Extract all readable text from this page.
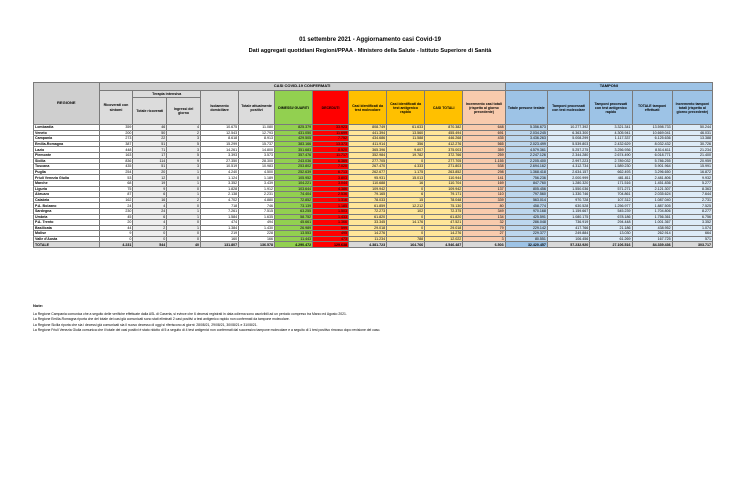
01 settembre 2021 - Aggiornamento casi Covid-19
Dati aggregati quotidiani Regioni/PPAA - Ministero della Salute - Istituto Superiore di Sanità
REGIONE	CASI COVID-19 CONFERMATI											TAMPONI				
	Ricoverati con sintomi	Terapia intensiva		Isolamento domiciliare	Totale attualmente positivi	DIMESSI/ GUARITI	DECEDUTI	Casi identificati da test molecolare	Casi identificati da test antigenico rapido	CASI TOTALI	Incremento casi totali (rispetto al giorno precedente)	Totale persone testate	Tamponi processati con test molecolare	Tamponi processati con test antigenico rapido	TOTALE tamponi effettuati	Incremento tamponi totali (rispetto al giorno precedente)
		Totale ricoverati	Ingressi del giorno													
Lombardia	359	46	4	10.675	11.080	825.379	33.923	808.749	61.633	870.382	648	5.356.673	10.277.392	3.321.341	13.598.733	50.244
Veneto	200	50	2	12.543	12.793	431.050	11.699	441.394	13.560	455.494	691	2.034.245	6.363.300	4.305.941	10.669.041	46.031
Campania	273	22	3	8.618	8.913	429.505	7.752	434.686	11.588	446.268	435	3.436.263	5.008.299	1.117.337	6.125.636	13.388
Emilia-Romagna	387	51	5	15.299	15.737	383.166	13.373	411.914	356	412.276	565	2.023.499	5.539.803	2.432.629	8.032.432	30.726
Lazio	448	71	3	14.261	14.800	351.683	8.520	365.396	9.607	375.003	359	4.579.361	5.257.275	3.256.936	8.514.611	21.234
Piemonte	163	17	5	3.393	3.573	357.476	11.717	352.984	19.782	372.766	259	2.247.126	2.344.280	2.674.490	6.018.771	21.400
Sicilia	836	114	9	27.350	28.300	243.036	6.369	277.705	0	277.705	1.155	2.205.400	2.997.223	2.789.032	5.786.255	20.959
Toscana	435	51	3	10.519	10.983	253.802	7.020	267.470	4.333	271.803	538	2.694.162	4.312.734	1.589.230	5.901.964	15.991
Puglia	254	20	1	4.240	4.500	252.639	6.713	262.677	1.175	263.852	298	1.368.418	2.634.157	662.493	3.296.650	16.872
Friuli Venezia Giulia	53	12	0	1.124	1.189	105.952	3.803	95.931	15.013	110.944	141	756.236	2.000.999	481.811	2.481.806	9.932
Marche	68	19	1	3.352	3.439	104.221	3.044	110.688	16	110.704	169	847.760	1.280.320	171.516	1.451.836	5.277
Liguria	75	9	0	1.828	1.912	103.644	4.386	109.942	0	109.942	137	805.456	1.550.036	571.271	2.121.307	8.363
Abruzzo	87	6	1	2.138	2.231	74.404	2.536	79.165	6	79.171	110	797.560	1.330.746	704.861	2.035.624	7.644
Calabria	162	16	2	4.702	4.880	72.852	1.316	78.033	15	78.048	339	563.014	970.728	107.312	1.087.040	2.731
P.A. Bolzano	24	4	0	718	746	73.139	1.185	61.859	12.212	75.130	80	458.774	630.528	1.256.977	1.887.505	7.525
Sardegna	230	24	1	7.261	7.515	63.255	1.503	72.273	102	72.375	349	970.168	1.159.667	545.239	1.704.806	8.277
Umbria	45	6	1	1.584	1.635	58.752	1.433	61.820	0	61.820	134	425.591	1.080.175	678.186	1.756.361	6.756
P.A. Trento	20	4	0	474	494	45.661	1.366	33.345	14.176	47.521	32	286.048	736.919	294.448	1.001.367	3.352
Basilicata	44	2	1	1.384	1.430	26.989	599	29.018	0	29.018	79	229.142	417.766	21.186	438.952	1.074
Molise	9	0	0	219	228	13.553	495	14.276	0	14.276	27	229.377	249.884	13.030	262.914	664
Valle d'Aosta	0	0	0	160	166	11.443	473	11.234	788	12.022	3	80.551	106.456	61.269	167.725	571
TOTALE	4.231	544	40	131.807	136.578	4.290.472	129.638	4.381.723	164.766	4.546.487	6.503	32.420.457	57.232.920	27.106.516	84.339.436	303.717
Note:
La Regione Campania comunica che a seguito delle verifiche effettuate dalla ASL di Caserta, si evince che 6 decessi registrati in data odierna sono ascrivibili ad un periodo compreso tra Marzo ed Agosto 2021.
La Regione Emilia-Romagna riporta che del totale dei casi già comunicati sono stati eliminati 2 casi positivi a test antigenico rapido non confermati da tampone molecolare.
La Regione Sicilia riporta che sia i decessi già comunicati sia il nuovo decesso di oggi si riferiscono ai giorni: 28/08/21, 29/08/21, 30/08/21 e 31/08/21.
La Regione Friuli Venezia Giulia comunica che il totale dei casi positivi è stato ridotto di 5 a seguito di 4 test antigenici non confermati dal successivo tampone molecolare e a seguito di 1 test positivo rimosso dopo revisione del caso.
